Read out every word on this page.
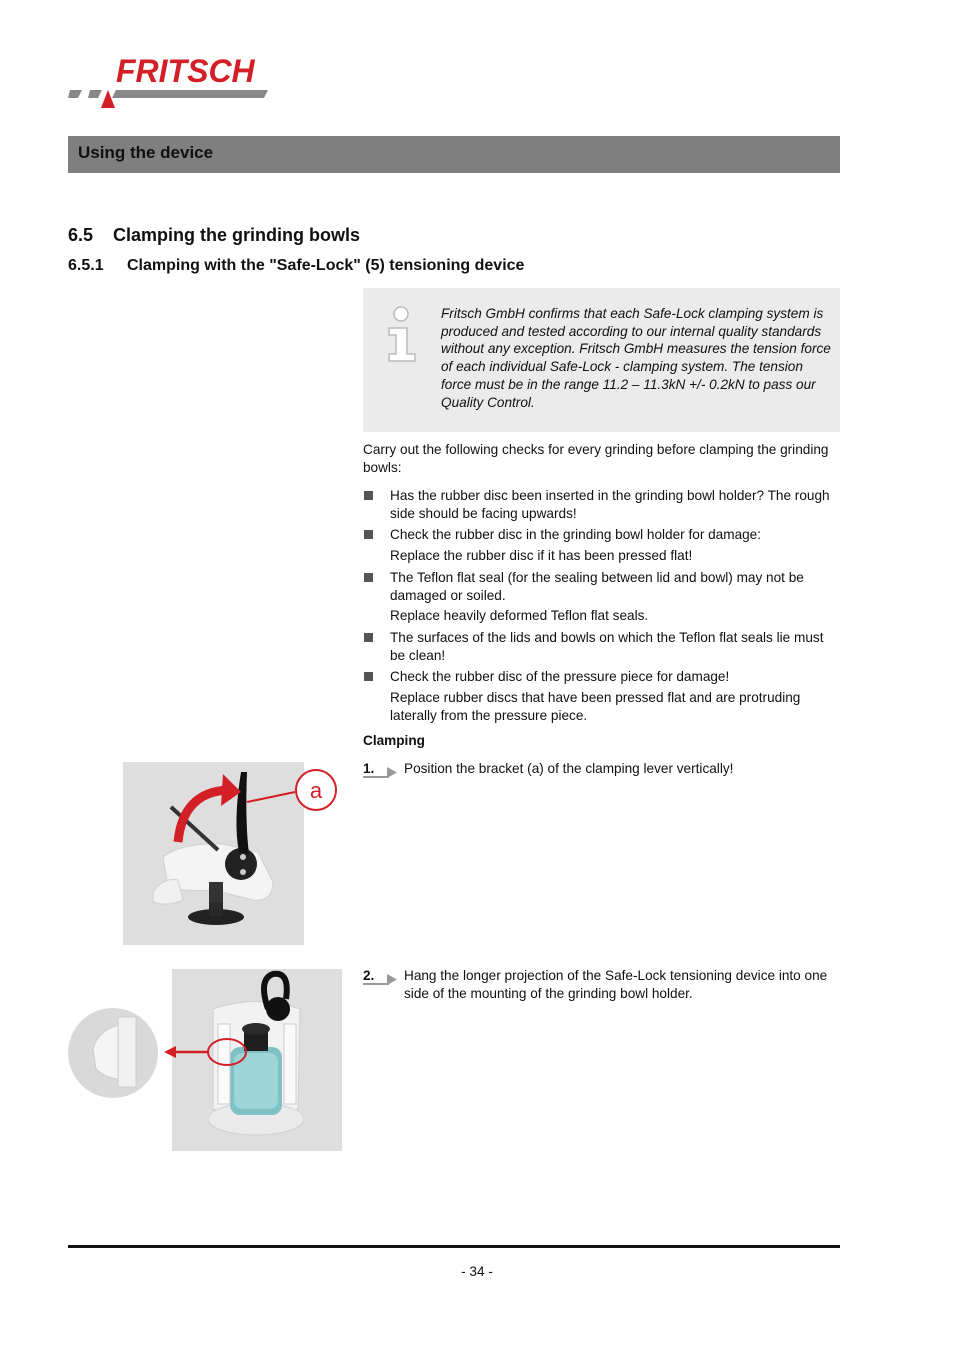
FRITSCH
Using the device
6.5 Clamping the grinding bowls
6.5.1 Clamping with the "Safe-Lock" (5) tensioning device
Fritsch GmbH confirms that each Safe-Lock clamping system is produced and tested according to our internal quality standards without any exception. Fritsch GmbH measures the tension force of each individual Safe-Lock - clamping system. The tension force must be in the range 11.2 – 11.3kN +/- 0.2kN to pass our Quality Control.
Carry out the following checks for every grinding before clamping the grinding bowls:
Has the rubber disc been inserted in the grinding bowl holder? The rough side should be facing upwards!
Check the rubber disc in the grinding bowl holder for damage:
Replace the rubber disc if it has been pressed flat!
The Teflon flat seal (for the sealing between lid and bowl) may not be damaged or soiled.
Replace heavily deformed Teflon flat seals.
The surfaces of the lids and bowls on which the Teflon flat seals lie must be clean!
Check the rubber disc of the pressure piece for damage!
Replace rubber discs that have been pressed flat and are protruding laterally from the pressure piece.
Clamping
1.	Position the bracket (a) of the clamping lever vertically!
2.	Hang the longer projection of the Safe-Lock tensioning device into one side of the mounting of the grinding bowl holder.
a
- 34 -
